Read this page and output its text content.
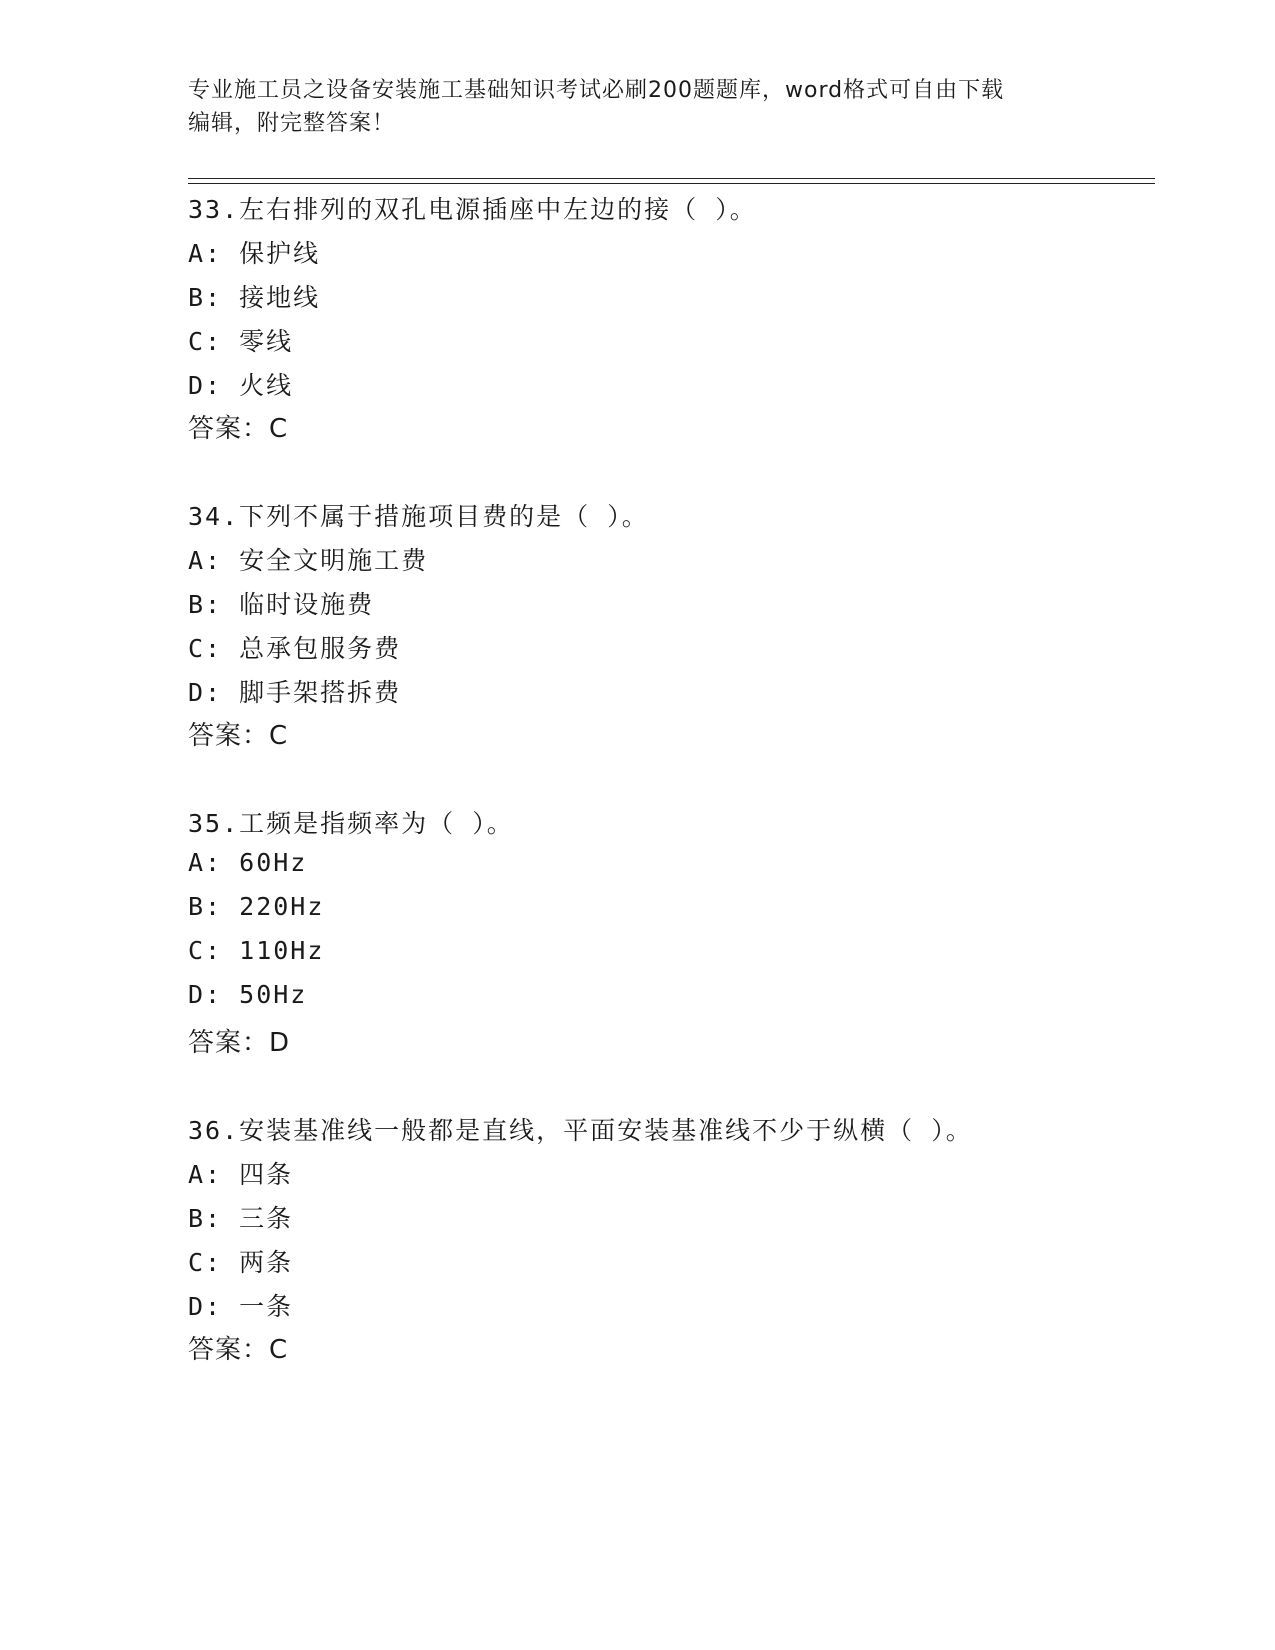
专业施工员之设备安装施工基础知识考试必刷200题题库，word格式可自由下载
编辑，附完整答案！
33.左右排列的双孔电源插座中左边的接（ ）。
A: 保护线
B: 接地线
C: 零线
D: 火线
答案：C
34.下列不属于措施项目费的是（ ）。
A: 安全文明施工费
B: 临时设施费
C: 总承包服务费
D: 脚手架搭拆费
答案：C
35.工频是指频率为（ ）。
A: 60Hz
B: 220Hz
C: 110Hz
D: 50Hz
答案：D
36.安装基准线一般都是直线，平面安装基准线不少于纵横（ ）。
A: 四条
B: 三条
C: 两条
D: 一条
答案：C
